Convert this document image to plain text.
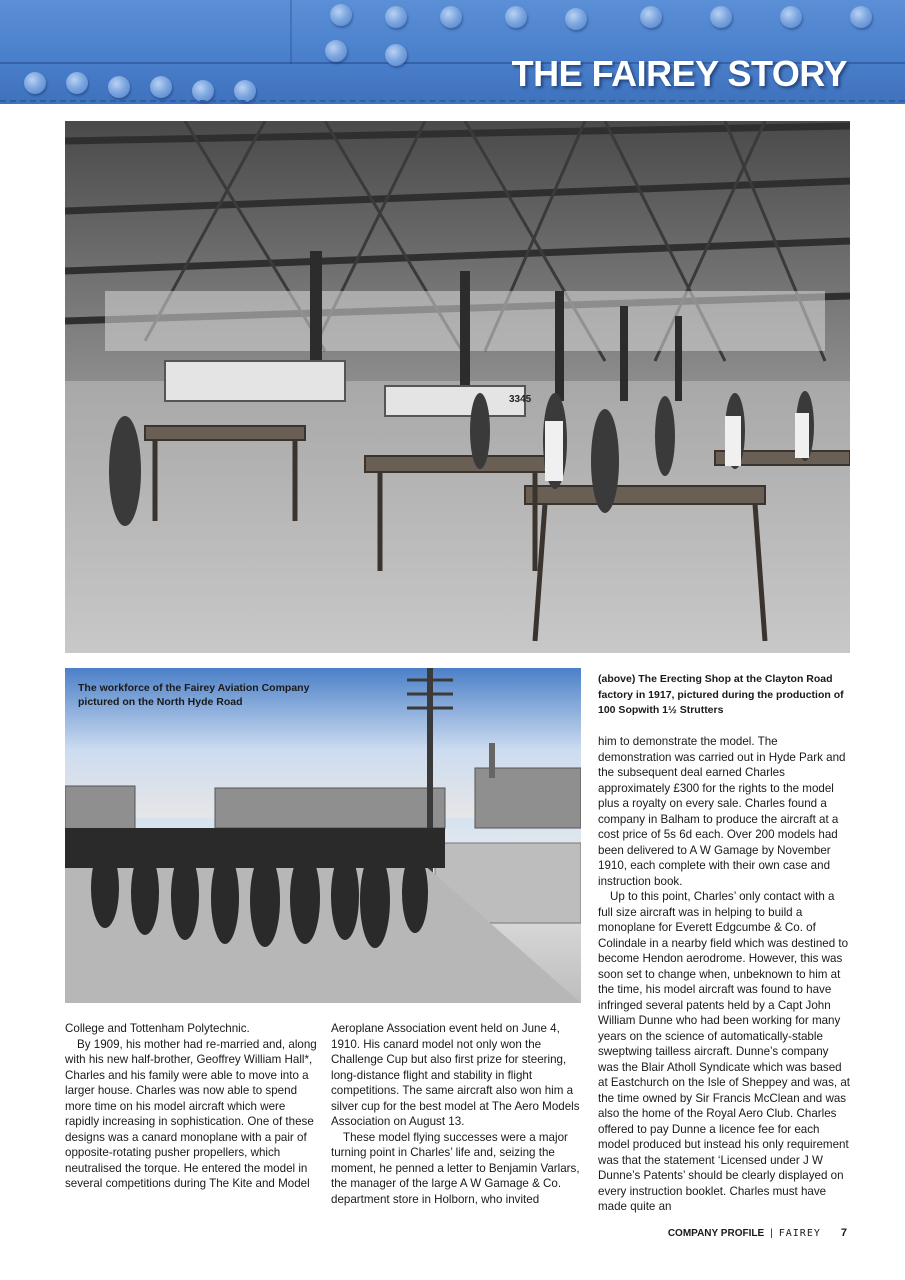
THE FAIREY STORY
3345
The workforce of the Fairey Aviation Company pictured on the North Hyde Road
(above) The Erecting Shop at the Clayton Road factory in 1917, pictured during the production of 100 Sopwith 1½ Strutters

College and Tottenham Polytechnic.

By 1909, his mother had re-married and, along with his new half-brother, Geoffrey William Hall*, Charles and his family were able to move into a larger house. Charles was now able to spend more time on his model aircraft which were rapidly increasing in sophistication. One of these designs was a canard monoplane with a pair of opposite-rotating pusher propellers, which neutralised the torque. He entered the model in several competitions during The Kite and Model

Aeroplane Association event held on June 4, 1910. His canard model not only won the Challenge Cup but also first prize for steering, long-distance flight and stability in flight competitions. The same aircraft also won him a silver cup for the best model at The Aero Models Association on August 13.

These model flying successes were a major turning point in Charles’ life and, seizing the moment, he penned a letter to Benjamin Varlars, the manager of the large A W Gamage & Co. department store in Holborn, who invited

him to demonstrate the model. The demonstration was carried out in Hyde Park and the subsequent deal earned Charles approximately £300 for the rights to the model plus a royalty on every sale. Charles found a company in Balham to produce the aircraft at a cost price of 5s 6d each. Over 200 models had been delivered to A W Gamage by November 1910, each complete with their own case and instruction book.

Up to this point, Charles’ only contact with a full size aircraft was in helping to build a monoplane for Everett Edgcumbe & Co. of Colindale in a nearby field which was destined to become Hendon aerodrome. However, this was soon set to change when, unbeknown to him at the time, his model aircraft was found to have infringed several patents held by a Capt John William Dunne who had been working for many years on the science of automatically-stable sweptwing tailless aircraft. Dunne’s company was the Blair Atholl Syndicate which was based at Eastchurch on the Isle of Sheppey and was, at the time owned by Sir Francis McClean and was also the home of the Royal Aero Club. Charles offered to pay Dunne a licence fee for each model produced but instead his only requirement was that the statement ‘Licensed under J W Dunne’s Patents’ should be clearly displayed on every instruction booklet. Charles must have made quite an

COMPANY PROFILE | FAIREY 7
